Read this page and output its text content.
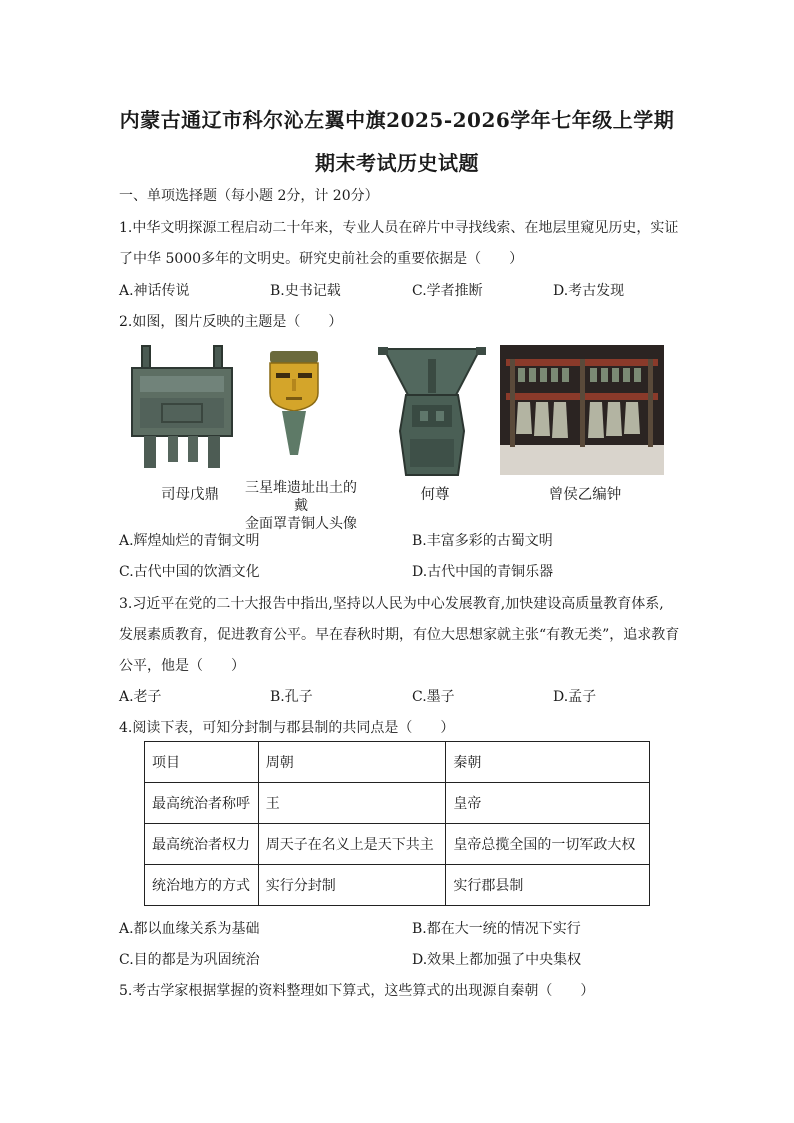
内蒙古通辽市科尔沁左翼中旗2025-2026学年七年级上学期
期末考试历史试题
一、单项选择题（每小题 2分，计 20分）
1.中华文明探源工程启动二十年来，专业人员在碎片中寻找线索、在地层里窥见历史，实证
了中华 5000多年的文明史。研究史前社会的重要依据是（　　）
A.神话传说	B.史书记载	C.学者推断	D.考古发现
2.如图，图片反映的主题是（　　）
司母戊鼎	三星堆遗址出土的戴
金面罩青铜人头像
何尊	曾侯乙编钟
A.辉煌灿烂的青铜文明	B.丰富多彩的古蜀文明
C.古代中国的饮酒文化	D.古代中国的青铜乐器
3.习近平在党的二十大报告中指出,坚持以人民为中心发展教育,加快建设高质量教育体系,
发展素质教育，促进教育公平。早在春秋时期，有位大思想家就主张“有教无类”，追求教育
公平，他是（　　）
A.老子	B.孔子	C.墨子	D.孟子
4.阅读下表，可知分封制与郡县制的共同点是（　　）
项目	周朝	秦朝
最高统治者称呼	王	皇帝
最高统治者权力	周天子在名义上是天下共主	皇帝总揽全国的一切军政大权
统治地方的方式	实行分封制	实行郡县制
A.都以血缘关系为基础	B.都在大一统的情况下实行
C.目的都是为巩固统治	D.效果上都加强了中央集权
5.考古学家根据掌握的资料整理如下算式，这些算式的出现源自秦朝（　　）
